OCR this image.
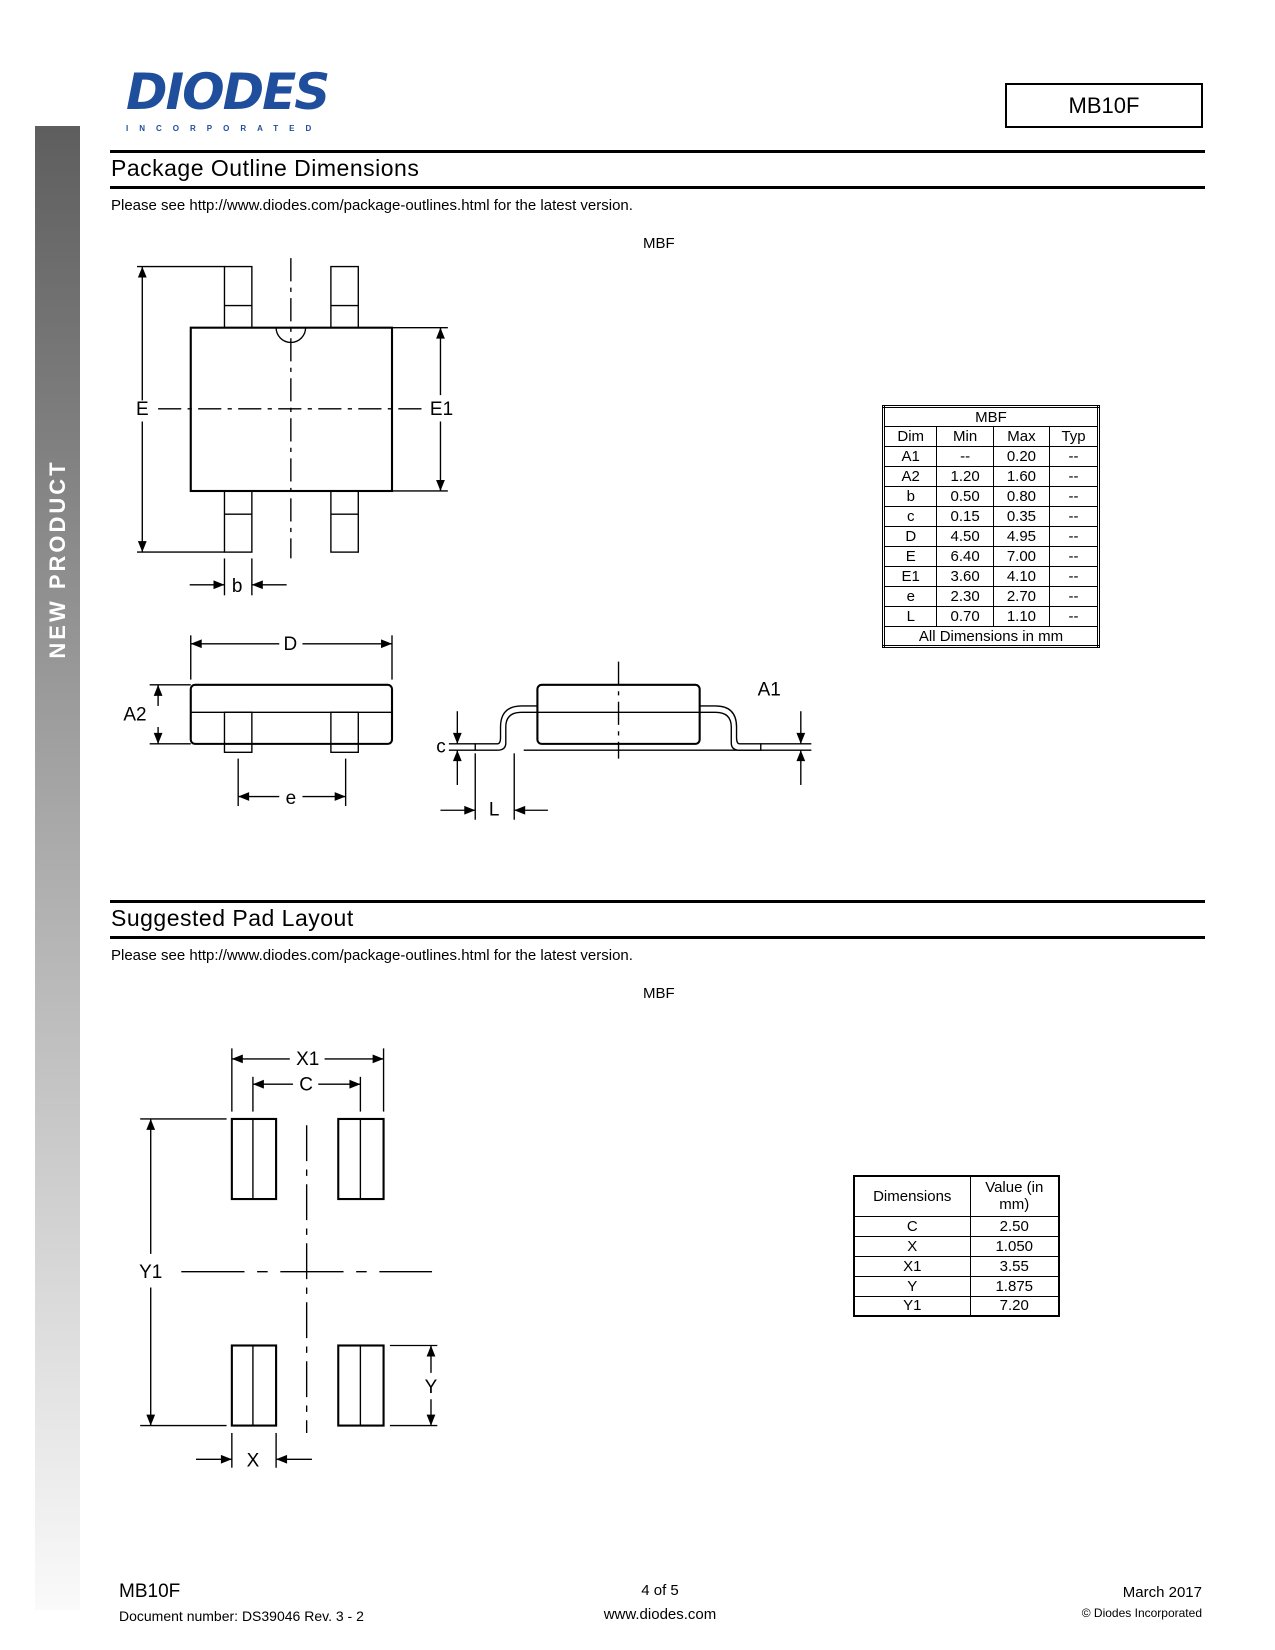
NEW PRODUCT
DIODES
INCORPORATED
MB10F
Package Outline Dimensions
Please see http://www.diodes.com/package-outlines.html for the latest version.
MBF
MBF			
Dim	Min	Max	Typ
A1	--	0.20	--
A2	1.20	1.60	--
b	0.50	0.80	--
c	0.15	0.35	--
D	4.50	4.95	--
E	6.40	7.00	--
E1	3.60	4.10	--
e	2.30	2.70	--
L	0.70	1.10	--
All Dimensions in mm			
Suggested Pad Layout
Please see http://www.diodes.com/package-outlines.html for the latest version.
MBF
Dimensions	Value (in mm)
C	2.50
X	1.050
X1	3.55
Y	1.875
Y1	7.20
E	E1
b
D
A2
e
c
L
A1
X1
C
Y1
Y
X
MB10F
Document number: DS39046 Rev. 3 - 2
4 of 5
www.diodes.com
March 2017
© Diodes Incorporated
